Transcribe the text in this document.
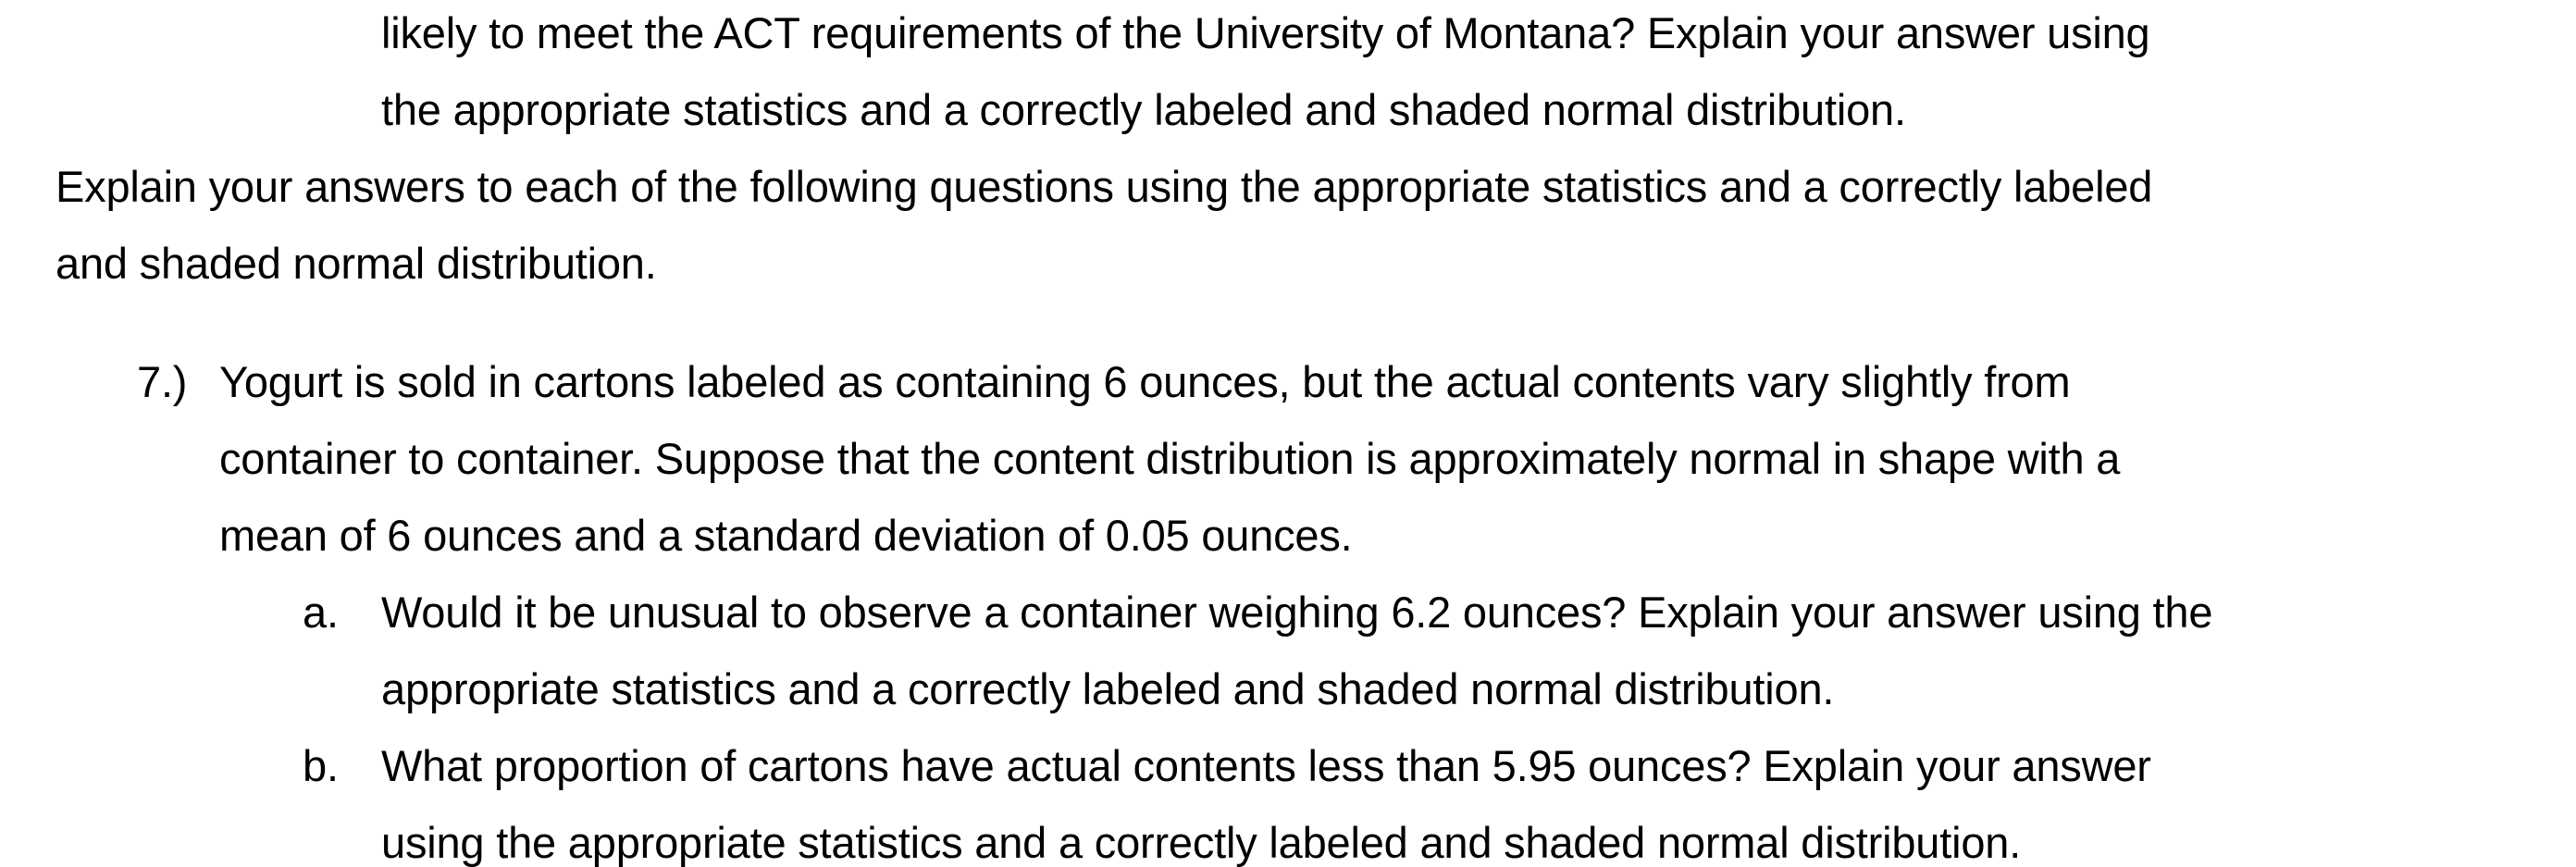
likely to meet the ACT requirements of the University of Montana? Explain your answer using
the appropriate statistics and a correctly labeled and shaded normal distribution.
Explain your answers to each of the following questions using the appropriate statistics and a correctly labeled
and shaded normal distribution.
7.) Yogurt is sold in cartons labeled as containing 6 ounces, but the actual contents vary slightly from
container to container. Suppose that the content distribution is approximately normal in shape with a
mean of 6 ounces and a standard deviation of 0.05 ounces.
a. Would it be unusual to observe a container weighing 6.2 ounces? Explain your answer using the
appropriate statistics and a correctly labeled and shaded normal distribution.
b. What proportion of cartons have actual contents less than 5.95 ounces? Explain your answer
using the appropriate statistics and a correctly labeled and shaded normal distribution.
